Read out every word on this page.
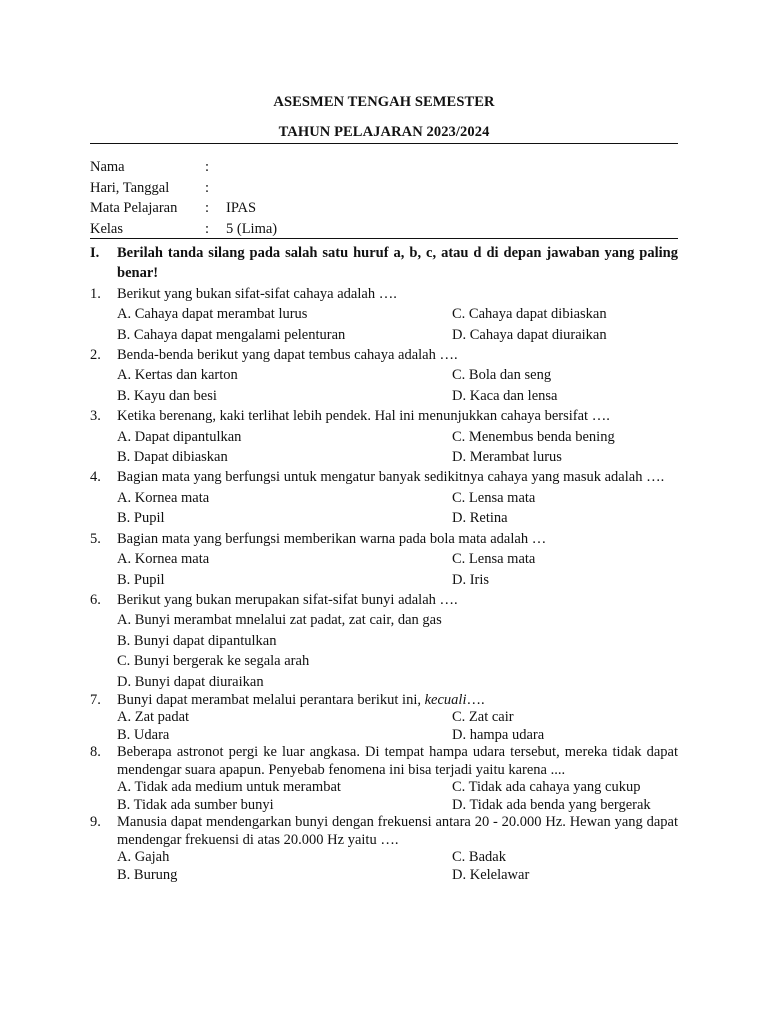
ASESMEN TENGAH SEMESTER
TAHUN PELAJARAN 2023/2024
Nama	:
Hari, Tanggal :
Mata Pelajaran : IPAS
Kelas	: 5 (Lima)
I. Berilah tanda silang pada salah satu huruf a, b, c, atau d di depan jawaban yang paling benar!
1. Berikut yang bukan sifat-sifat cahaya adalah ….
A. Cahaya dapat merambat lurus	C. Cahaya dapat dibiaskan
B. Cahaya dapat mengalami pelenturan	D. Cahaya dapat diuraikan
2. Benda-benda berikut yang dapat tembus cahaya adalah ….
A. Kertas dan karton	C. Bola dan seng
B. Kayu dan besi	D. Kaca dan lensa
3. Ketika berenang, kaki terlihat lebih pendek. Hal ini menunjukkan cahaya bersifat ….
A. Dapat dipantulkan	C. Menembus benda bening
B. Dapat dibiaskan	D. Merambat lurus
4. Bagian mata yang berfungsi untuk mengatur banyak sedikitnya cahaya yang masuk adalah ….
A. Kornea mata	C. Lensa mata
B. Pupil	D. Retina
5. Bagian mata yang berfungsi memberikan warna pada bola mata adalah …
A. Kornea mata	C. Lensa mata
B. Pupil	D. Iris
6. Berikut yang bukan merupakan sifat-sifat bunyi adalah ….
A. Bunyi merambat mnelalui zat padat, zat cair, dan gas
B. Bunyi dapat dipantulkan
C. Bunyi bergerak ke segala arah
D. Bunyi dapat diuraikan
7. Bunyi dapat merambat melalui perantara berikut ini, kecuali….
A. Zat padat	C. Zat cair
B. Udara	D. hampa udara
8. Beberapa astronot pergi ke luar angkasa. Di tempat hampa udara tersebut, mereka tidak dapat mendengar suara apapun. Penyebab fenomena ini bisa terjadi yaitu karena ....
A. Tidak ada medium untuk merambat	C. Tidak ada cahaya yang cukup
B. Tidak ada sumber bunyi	D. Tidak ada benda yang bergerak
9. Manusia dapat mendengarkan bunyi dengan frekuensi antara 20 - 20.000 Hz. Hewan yang dapat mendengar frekuensi di atas 20.000 Hz yaitu ….
A. Gajah	C. Badak
B. Burung	D. Kelelawar
